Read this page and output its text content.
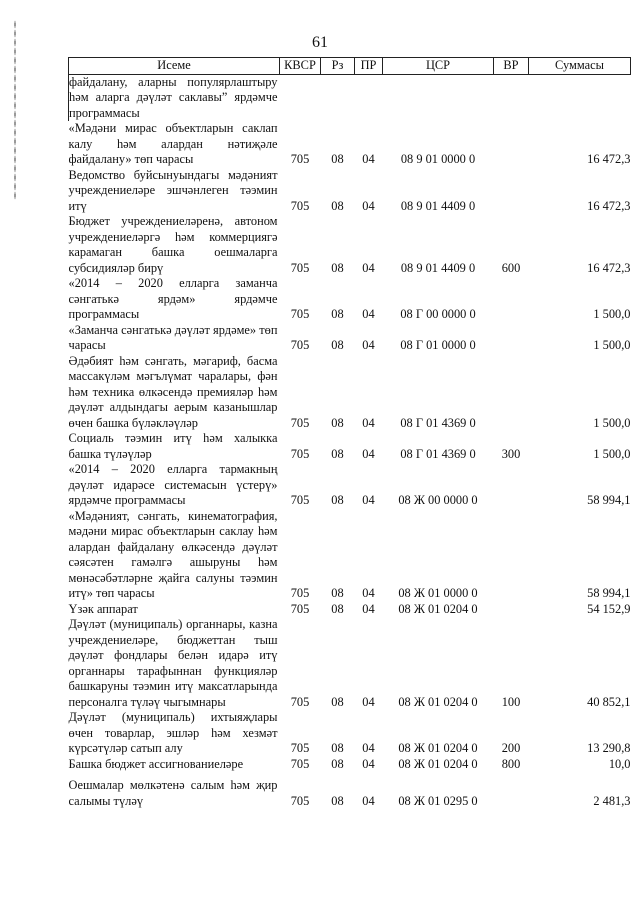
61
Исеме	КВСР	Рз	ПР	ЦСР	ВР	Суммасы
файдалану, аларны популярлаштыру һәм аларга дәүләт саклавы” ярдәмче программасы						
«Мәдәни мирас объектларын саклап калу һәм алардан нәтиҗәле файдалану» төп чарасы	705	08	04	08 9 01 0000 0		16 472,3
Ведомство буйсынуындагы мәдәният учреждениеләре эшчәнлеген тәэмин итү	705	08	04	08 9 01 4409 0		16 472,3
Бюджет учреждениеләренә, автоном учреждениеләргә һәм коммерциягә карамаган башка оешмаларга субсидияләр бирү	705	08	04	08 9 01 4409 0	600	16 472,3
«2014 – 2020 елларга заманча сәнгатькә ярдәм» ярдәмче программасы	705	08	04	08 Г 00 0000 0		1 500,0
«Заманча сәнгатькә дәүләт ярдәме» төп чарасы	705	08	04	08 Г 01 0000 0		1 500,0
Әдәбият һәм сәнгать, мәгариф, басма массакүләм мәгълүмат чаралары, фән һәм техника өлкәсендә премияләр һәм дәүләт алдындагы аерым казанышлар өчен башка бүләкләүләр	705	08	04	08 Г 01 4369 0		1 500,0
Социаль тәэмин итү һәм халыкка башка түләүләр	705	08	04	08 Г 01 4369 0	300	1 500,0
«2014 – 2020 елларга тармакның дәүләт идарәсе системасын үстерү» ярдәмче программасы	705	08	04	08 Ж 00 0000 0		58 994,1
«Мәдәният, сәнгать, кинематография, мәдәни мирас объектларын саклау һәм алардан файдалану өлкәсендә дәүләт сәясәтен гамәлгә ашыруны һәм мөнәсәбәтләрне җайга салуны тәэмин итү» төп чарасы	705	08	04	08 Ж 01 0000 0		58 994,1
Үзәк аппарат	705	08	04	08 Ж 01 0204 0		54 152,9
Дәүләт (муниципаль) органнары, казна учреждениеләре, бюджеттан тыш дәүләт фондлары белән идарә итү органнары тарафыннан функцияләр башкаруны тәэмин итү максатларында персоналга түләү чыгымнары	705	08	04	08 Ж 01 0204 0	100	40 852,1
Дәүләт (муниципаль) ихтыяҗлары өчен товарлар, эшләр һәм хезмәт күрсәтүләр сатып алу	705	08	04	08 Ж 01 0204 0	200	13 290,8
Башка бюджет ассигнованиеләре	705	08	04	08 Ж 01 0204 0	800	10,0
Оешмалар мөлкәтенә салым һәм җир салымы түләү	705	08	04	08 Ж 01 0295 0		2 481,3
